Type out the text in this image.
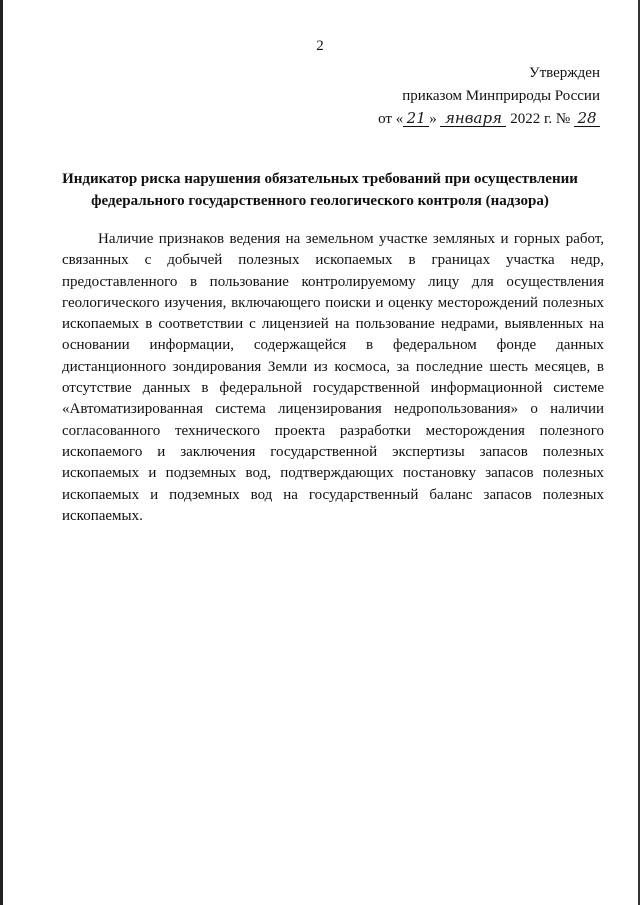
2
Утвержден
приказом Минприроды России
от « 21 » января 2022 г. № 28
Индикатор риска нарушения обязательных требований при осуществлении федерального государственного геологического контроля (надзора)

Наличие признаков ведения на земельном участке земляных и горных работ, связанных с добычей полезных ископаемых в границах участка недр, предоставленного в пользование контролируемому лицу для осуществления геологического изучения, включающего поиски и оценку месторождений полезных ископаемых в соответствии с лицензией на пользование недрами, выявленных на основании информации, содержащейся в федеральном фонде данных дистанционного зондирования Земли из космоса, за последние шесть месяцев, в отсутствие данных в федеральной государственной информационной системе «Автоматизированная система лицензирования недропользования» о наличии согласованного технического проекта разработки месторождения полезного ископаемого и заключения государственной экспертизы запасов полезных ископаемых и подземных вод, подтверждающих постановку запасов полезных ископаемых и подземных вод на государственный баланс запасов полезных ископаемых.
